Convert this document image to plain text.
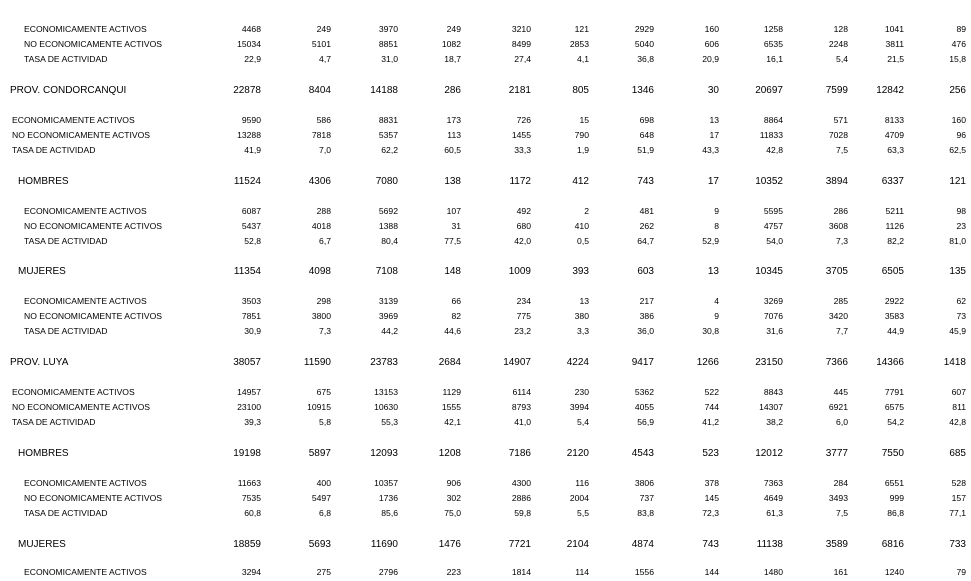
ECONOMICAMENTE ACTIVOS	4468	249	3970	249	3210	121	2929	160	1258	128	1041	89
NO ECONOMICAMENTE ACTIVOS	15034	5101	8851	1082	8499	2853	5040	606	6535	2248	3811	476
TASA DE ACTIVIDAD	22,9	4,7	31,0	18,7	27,4	4,1	36,8	20,9	16,1	5,4	21,5	15,8
PROV. CONDORCANQUI	22878	8404	14188	286	2181	805	1346	30	20697	7599	12842	256
ECONOMICAMENTE ACTIVOS	9590	586	8831	173	726	15	698	13	8864	571	8133	160
NO ECONOMICAMENTE ACTIVOS	13288	7818	5357	113	1455	790	648	17	11833	7028	4709	96
TASA DE ACTIVIDAD	41,9	7,0	62,2	60,5	33,3	1,9	51,9	43,3	42,8	7,5	63,3	62,5
HOMBRES	11524	4306	7080	138	1172	412	743	17	10352	3894	6337	121
ECONOMICAMENTE ACTIVOS	6087	288	5692	107	492	2	481	9	5595	286	5211	98
NO ECONOMICAMENTE ACTIVOS	5437	4018	1388	31	680	410	262	8	4757	3608	1126	23
TASA DE ACTIVIDAD	52,8	6,7	80,4	77,5	42,0	0,5	64,7	52,9	54,0	7,3	82,2	81,0
MUJERES	11354	4098	7108	148	1009	393	603	13	10345	3705	6505	135
ECONOMICAMENTE ACTIVOS	3503	298	3139	66	234	13	217	4	3269	285	2922	62
NO ECONOMICAMENTE ACTIVOS	7851	3800	3969	82	775	380	386	9	7076	3420	3583	73
TASA DE ACTIVIDAD	30,9	7,3	44,2	44,6	23,2	3,3	36,0	30,8	31,6	7,7	44,9	45,9
PROV. LUYA	38057	11590	23783	2684	14907	4224	9417	1266	23150	7366	14366	1418
ECONOMICAMENTE ACTIVOS	14957	675	13153	1129	6114	230	5362	522	8843	445	7791	607
NO ECONOMICAMENTE ACTIVOS	23100	10915	10630	1555	8793	3994	4055	744	14307	6921	6575	811
TASA DE ACTIVIDAD	39,3	5,8	55,3	42,1	41,0	5,4	56,9	41,2	38,2	6,0	54,2	42,8
HOMBRES	19198	5897	12093	1208	7186	2120	4543	523	12012	3777	7550	685
ECONOMICAMENTE ACTIVOS	11663	400	10357	906	4300	116	3806	378	7363	284	6551	528
NO ECONOMICAMENTE ACTIVOS	7535	5497	1736	302	2886	2004	737	145	4649	3493	999	157
TASA DE ACTIVIDAD	60,8	6,8	85,6	75,0	59,8	5,5	83,8	72,3	61,3	7,5	86,8	77,1
MUJERES	18859	5693	11690	1476	7721	2104	4874	743	11138	3589	6816	733
ECONOMICAMENTE ACTIVOS	3294	275	2796	223	1814	114	1556	144	1480	161	1240	79
